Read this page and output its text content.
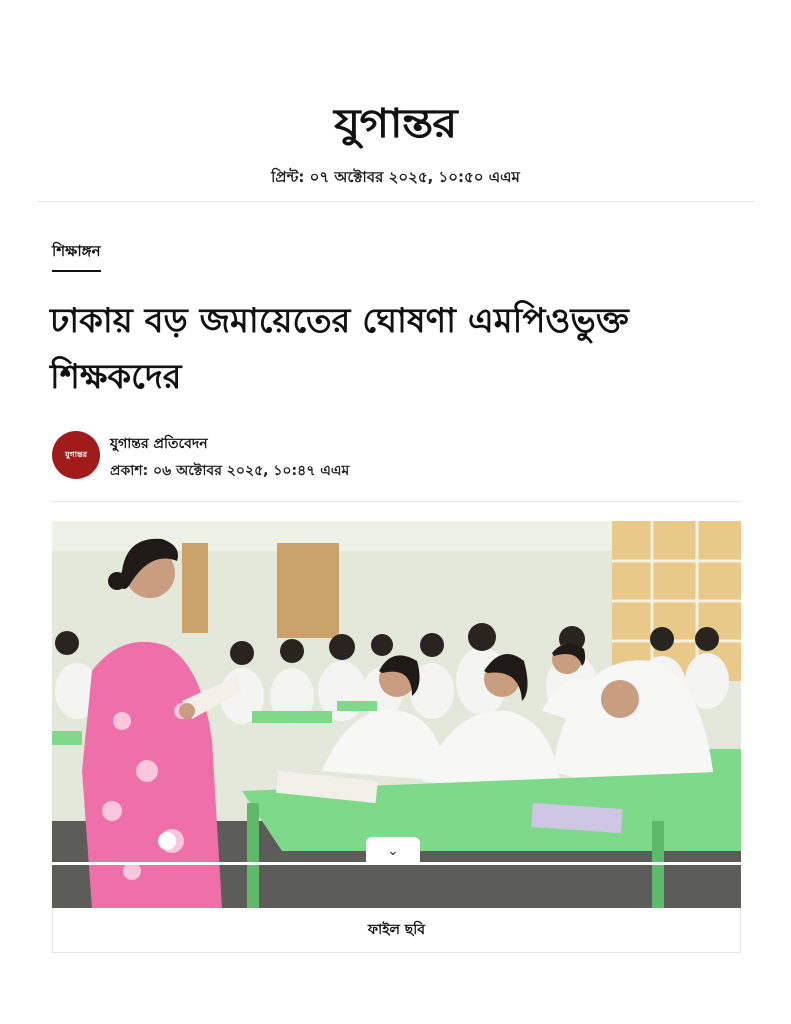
যুগান্তর
প্রিন্ট: ০৭ অক্টোবর ২০২৫, ১০:৫০ এএম
শিক্ষাঙ্গন
ঢাকায় বড় জমায়েতের ঘোষণা এমপিওভুক্ত শিক্ষকদের
যুগান্তর
যুগান্তর প্রতিবেদন
প্রকাশ: ০৬ অক্টোবর ২০২৫, ১০:৪৭ এএম
⌄
ফাইল ছবি
